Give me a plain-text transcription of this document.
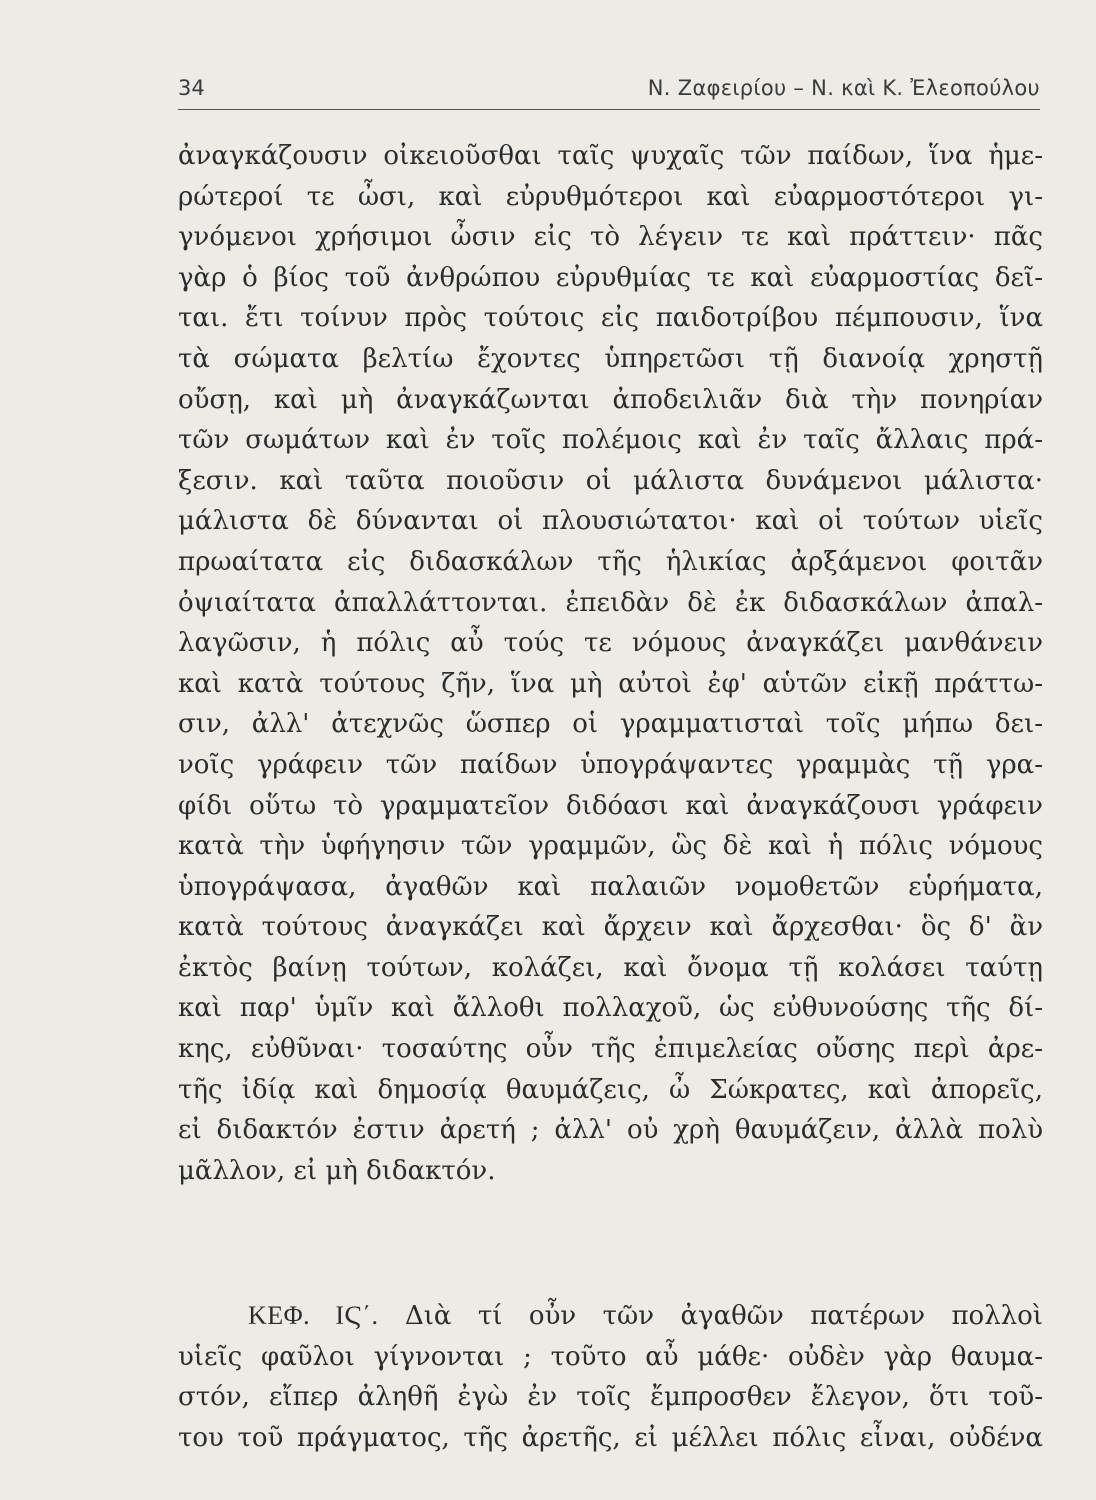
34	Ν. Ζαφειρίου – Ν. καὶ Κ. Ἐλεοπούλου
ἀναγκάζουσιν οἰκειοῦσθαι ταῖς ψυχαῖς τῶν παίδων, ἵνα ἡμε-
ρώτεροί τε ὦσι, καὶ εὐρυθμότεροι καὶ εὐαρμοστότεροι γι-
γνόμενοι χρήσιμοι ὦσιν εἰς τὸ λέγειν τε καὶ πράττειν· πᾶς
γὰρ ὁ βίος τοῦ ἀνθρώπου εὐρυθμίας τε καὶ εὐαρμοστίας δεῖ-
ται. ἔτι τοίνυν πρὸς τούτοις εἰς παιδοτρίβου πέμπουσιν, ἵνα
τὰ σώματα βελτίω ἔχοντες ὑπηρετῶσι τῇ διανοίᾳ χρηστῇ
οὔσῃ, καὶ μὴ ἀναγκάζωνται ἀποδειλιᾶν διὰ τὴν πονηρίαν
τῶν σωμάτων καὶ ἐν τοῖς πολέμοις καὶ ἐν ταῖς ἄλλαις πρά-
ξεσιν. καὶ ταῦτα ποιοῦσιν οἱ μάλιστα δυνάμενοι μάλιστα·
μάλιστα δὲ δύνανται οἱ πλουσιώτατοι· καὶ οἱ τούτων υἱεῖς
πρωαίτατα εἰς διδασκάλων τῆς ἡλικίας ἀρξάμενοι φοιτᾶν
ὀψιαίτατα ἀπαλλάττονται. ἐπειδὰν δὲ ἐκ διδασκάλων ἀπαλ-
λαγῶσιν, ἡ πόλις αὖ τούς τε νόμους ἀναγκάζει μανθάνειν
καὶ κατὰ τούτους ζῆν, ἵνα μὴ αὐτοὶ ἐφ' αὑτῶν εἰκῇ πράττω-
σιν, ἀλλ' ἀτεχνῶς ὥσπερ οἱ γραμματισταὶ τοῖς μήπω δει-
νοῖς γράφειν τῶν παίδων ὑπογράψαντες γραμμὰς τῇ γρα-
φίδι οὕτω τὸ γραμματεῖον διδόασι καὶ ἀναγκάζουσι γράφειν
κατὰ τὴν ὑφήγησιν τῶν γραμμῶν, ὣς δὲ καὶ ἡ πόλις νόμους
ὑπογράψασα, ἀγαθῶν καὶ παλαιῶν νομοθετῶν εὑρήματα,
κατὰ τούτους ἀναγκάζει καὶ ἄρχειν καὶ ἄρχεσθαι· ὃς δ' ἂν
ἐκτὸς βαίνῃ τούτων, κολάζει, καὶ ὄνομα τῇ κολάσει ταύτῃ
καὶ παρ' ὑμῖν καὶ ἄλλοθι πολλαχοῦ, ὡς εὐθυνούσης τῆς δί-
κης, εὐθῦναι· τοσαύτης οὖν τῆς ἐπιμελείας οὔσης περὶ ἀρε-
τῆς ἰδίᾳ καὶ δημοσίᾳ θαυμάζεις, ὦ Σώκρατες, καὶ ἀπορεῖς,
εἰ διδακτόν ἐστιν ἀρετή ; ἀλλ' οὐ χρὴ θαυμάζειν, ἀλλὰ πολὺ
μᾶλλον, εἰ μὴ διδακτόν.
ΚΕΦ. ΙϚ΄. Διὰ τί οὖν τῶν ἀγαθῶν πατέρων πολλοὶ
υἱεῖς φαῦλοι γίγνονται ; τοῦτο αὖ μάθε· οὐδὲν γὰρ θαυμα-
στόν, εἴπερ ἀληθῆ ἐγὼ ἐν τοῖς ἔμπροσθεν ἔλεγον, ὅτι τοῦ-
του τοῦ πράγματος, τῆς ἀρετῆς, εἰ μέλλει πόλις εἶναι, οὐδένα
